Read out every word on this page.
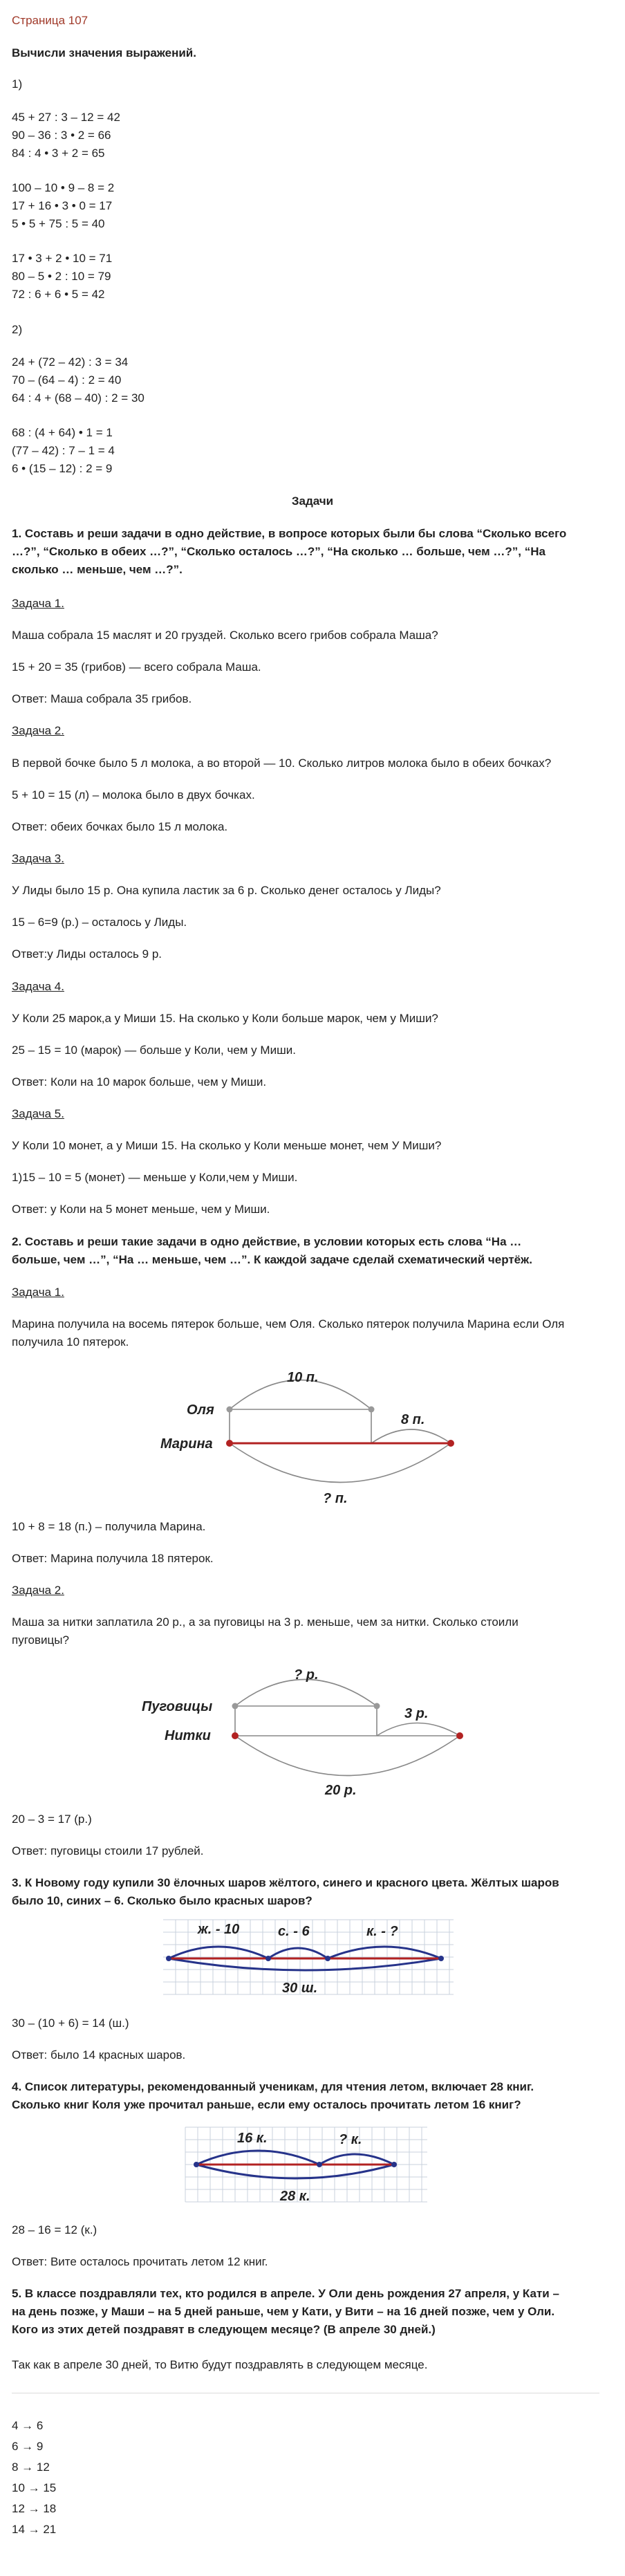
Страница 107
Вычисли значения выражений.
1)
45 + 27 : 3 – 12 = 42
90 – 36 : 3 • 2 = 66
84 : 4 • 3 + 2 = 65
100 – 10 • 9 – 8 = 2
17 + 16 • 3 • 0 = 17
5 • 5 + 75 : 5 = 40
17 • 3 + 2 • 10 = 71
80 – 5 • 2 : 10 = 79
72 : 6 + 6 • 5 = 42
2)
24 + (72 – 42) : 3 = 34
70 – (64 – 4) : 2 = 40
64 : 4 + (68 – 40) : 2 = 30
68 : (4 + 64) • 1 = 1
(77 – 42) : 7 – 1 = 4
6 • (15 – 12) : 2 = 9
Задачи
1. Составь и реши задачи в одно действие, в вопросе которых были бы слова “Сколько всего
…?”, “Сколько в обеих …?”, “Сколько осталось …?”, “На сколько … больше, чем …?”, “На
сколько … меньше, чем …?”.
Задача 1.
Маша собрала 15 маслят и 20 груздей. Сколько всего грибов собрала Маша?
15 + 20 = 35 (грибов) — всего собрала Маша.
Ответ: Маша собрала 35 грибов.
Задача 2.
В первой бочке было 5 л молока, а во второй — 10. Сколько литров молока было в обеих бочках?
5 + 10 = 15 (л) – молока было в двух бочках.
Ответ: обеих бочках было 15 л молока.
Задача 3.
У Лиды было 15 р. Она купила ластик за 6 р. Сколько денег осталось у Лиды?
15 – 6=9 (р.) – осталось у Лиды.
Ответ:у Лиды осталось 9 р.
Задача 4.
У Коли 25 марок,а у Миши 15. На сколько у Коли больше марок, чем у Миши?
25 – 15 = 10 (марок) — больше у Коли, чем у Миши.
Ответ: Коли на 10 марок больше, чем у Миши.
Задача 5.
У Коли 10 монет, а у Миши 15. На сколько у Коли меньше монет, чем У Миши?
1)15 – 10 = 5 (монет) — меньше у Коли,чем у Миши.
Ответ: у Коли на 5 монет меньше, чем у Миши.
2. Составь и реши такие задачи в одно действие, в условии которых есть слова “На …
больше, чем …”, “На … меньше, чем …”. К каждой задаче сделай схематический чертёж.
Задача 1.
Марина получила на восемь пятерок больше, чем Оля. Сколько пятерок получила Марина если Оля
получила 10 пятерок.
10 п.
8 п.
? п.
Оля
Марина
10 + 8 = 18 (п.) – получила Марина.
Ответ: Марина получила 18 пятерок.
Задача 2.
Маша за нитки заплатила 20 р., а за пуговицы на 3 р. меньше, чем за нитки. Сколько стоили
пуговицы?
? р.
3 р.
20 р.
Пуговицы
Нитки
20 – 3 = 17 (р.)
Ответ: пуговицы стоили 17 рублей.
3. К Новому году купили 30 ёлочных шаров жёлтого, синего и красного цвета. Жёлтых шаров
было 10, синих – 6. Сколько было красных шаров?
ж. - 10	с. - 6	к. - ?
30 ш.
30 – (10 + 6) = 14 (ш.)
Ответ: было 14 красных шаров.
4. Список литературы, рекомендованный ученикам, для чтения летом, включает 28 книг.
Сколько книг Коля уже прочитал раньше, если ему осталось прочитать летом 16 книг?
16 к.	? к.
28 к.
28 – 16 = 12 (к.)
Ответ: Вите осталось прочитать летом 12 книг.
5. В классе поздравляли тех, кто родился в апреле. У Оли день рождения 27 апреля, у Кати –
на день позже, у Маши – на 5 дней раньше, чем у Кати, у Вити – на 16 дней позже, чем у Оли.
Кого из этих детей поздравят в следующем месяце? (В апреле 30 дней.)
Так как в апреле 30 дней, то Витю будут поздравлять в следующем месяце.
4 → 6
6 → 9
8 → 12
10 → 15
12 → 18
14 → 21
